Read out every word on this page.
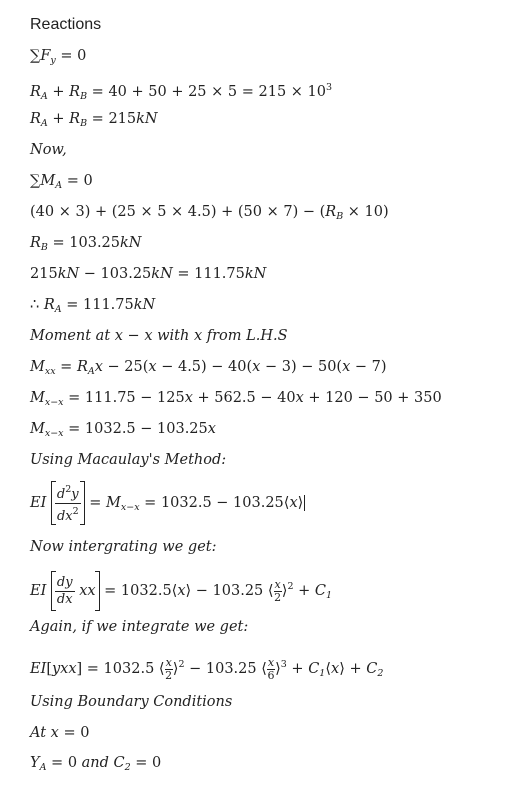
Reactions
$\sum F_y = 0$
$R_A + R_B = 40 + 50 + 25 \times 5 = 215 \times 10^3$
$R_A + R_B = 215kN$
Now,
$\sum M_A = 0$
$(40 \times 3) + (25 \times 5 \times 4.5) + (50 \times 7) - (R_B \times 10)$
$R_B = 103.25kN$
215kN − 103.25kN = 111.75kN
∴ $R_A = 111.75kN$
Moment at x − x with x from L.H.S
$M_{xx} = R_Ax - 25(x - 4.5) - 40(x - 3) - 50(x - 7)$
$M_{x-x} = 111.75 - 125x + 562.5 - 40x + 120 - 50 + 350$
$M_{x-x} = 1032.5 - 103.25x$
Using Macaulay's Method:
EI $\frac{d^2y}{dx^2} = M_{x-x} = 1032.5$ − 103.25⟨x⟩
Now intergrating we get:
EI $\frac{dy}{dx}$ xx = 1032.5⟨x⟩ − 103.25 ⟨ $\frac{x}{2}$ ⟩$^2$ + $C_1$
Again, if we integrate we get:
EI[yxx] = 1032.5 ⟨ $\frac{x}{2}$ ⟩$^2$ − 103.25 ⟨ $\frac{x}{6}$ ⟩$^3$ + $C_1⟨x⟩ + C_2$
Using Boundary Conditions
At x = 0
$Y_A = 0$ and $C_2 = 0$
